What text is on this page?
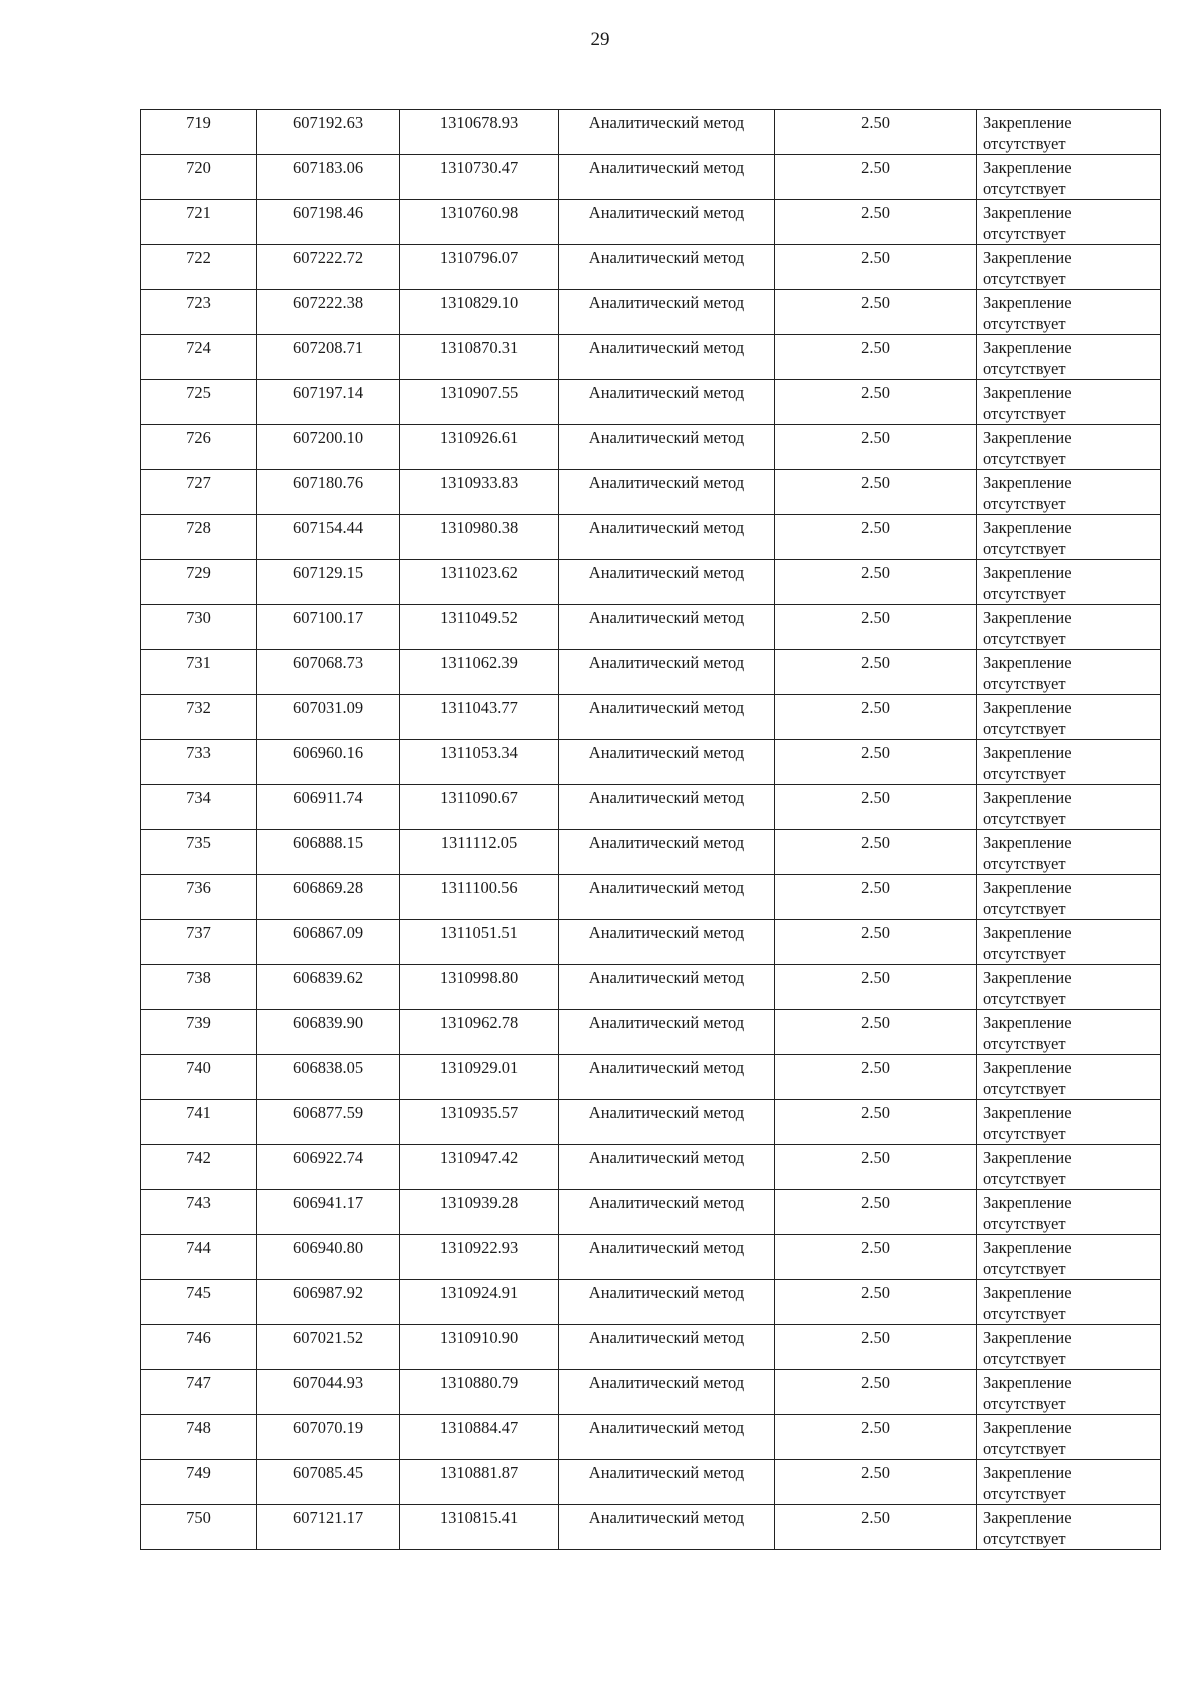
29
719	607192.63	1310678.93	Аналитический метод	2.50	Закрепление отсутствует
720	607183.06	1310730.47	Аналитический метод	2.50	Закрепление отсутствует
721	607198.46	1310760.98	Аналитический метод	2.50	Закрепление отсутствует
722	607222.72	1310796.07	Аналитический метод	2.50	Закрепление отсутствует
723	607222.38	1310829.10	Аналитический метод	2.50	Закрепление отсутствует
724	607208.71	1310870.31	Аналитический метод	2.50	Закрепление отсутствует
725	607197.14	1310907.55	Аналитический метод	2.50	Закрепление отсутствует
726	607200.10	1310926.61	Аналитический метод	2.50	Закрепление отсутствует
727	607180.76	1310933.83	Аналитический метод	2.50	Закрепление отсутствует
728	607154.44	1310980.38	Аналитический метод	2.50	Закрепление отсутствует
729	607129.15	1311023.62	Аналитический метод	2.50	Закрепление отсутствует
730	607100.17	1311049.52	Аналитический метод	2.50	Закрепление отсутствует
731	607068.73	1311062.39	Аналитический метод	2.50	Закрепление отсутствует
732	607031.09	1311043.77	Аналитический метод	2.50	Закрепление отсутствует
733	606960.16	1311053.34	Аналитический метод	2.50	Закрепление отсутствует
734	606911.74	1311090.67	Аналитический метод	2.50	Закрепление отсутствует
735	606888.15	1311112.05	Аналитический метод	2.50	Закрепление отсутствует
736	606869.28	1311100.56	Аналитический метод	2.50	Закрепление отсутствует
737	606867.09	1311051.51	Аналитический метод	2.50	Закрепление отсутствует
738	606839.62	1310998.80	Аналитический метод	2.50	Закрепление отсутствует
739	606839.90	1310962.78	Аналитический метод	2.50	Закрепление отсутствует
740	606838.05	1310929.01	Аналитический метод	2.50	Закрепление отсутствует
741	606877.59	1310935.57	Аналитический метод	2.50	Закрепление отсутствует
742	606922.74	1310947.42	Аналитический метод	2.50	Закрепление отсутствует
743	606941.17	1310939.28	Аналитический метод	2.50	Закрепление отсутствует
744	606940.80	1310922.93	Аналитический метод	2.50	Закрепление отсутствует
745	606987.92	1310924.91	Аналитический метод	2.50	Закрепление отсутствует
746	607021.52	1310910.90	Аналитический метод	2.50	Закрепление отсутствует
747	607044.93	1310880.79	Аналитический метод	2.50	Закрепление отсутствует
748	607070.19	1310884.47	Аналитический метод	2.50	Закрепление отсутствует
749	607085.45	1310881.87	Аналитический метод	2.50	Закрепление отсутствует
750	607121.17	1310815.41	Аналитический метод	2.50	Закрепление отсутствует
